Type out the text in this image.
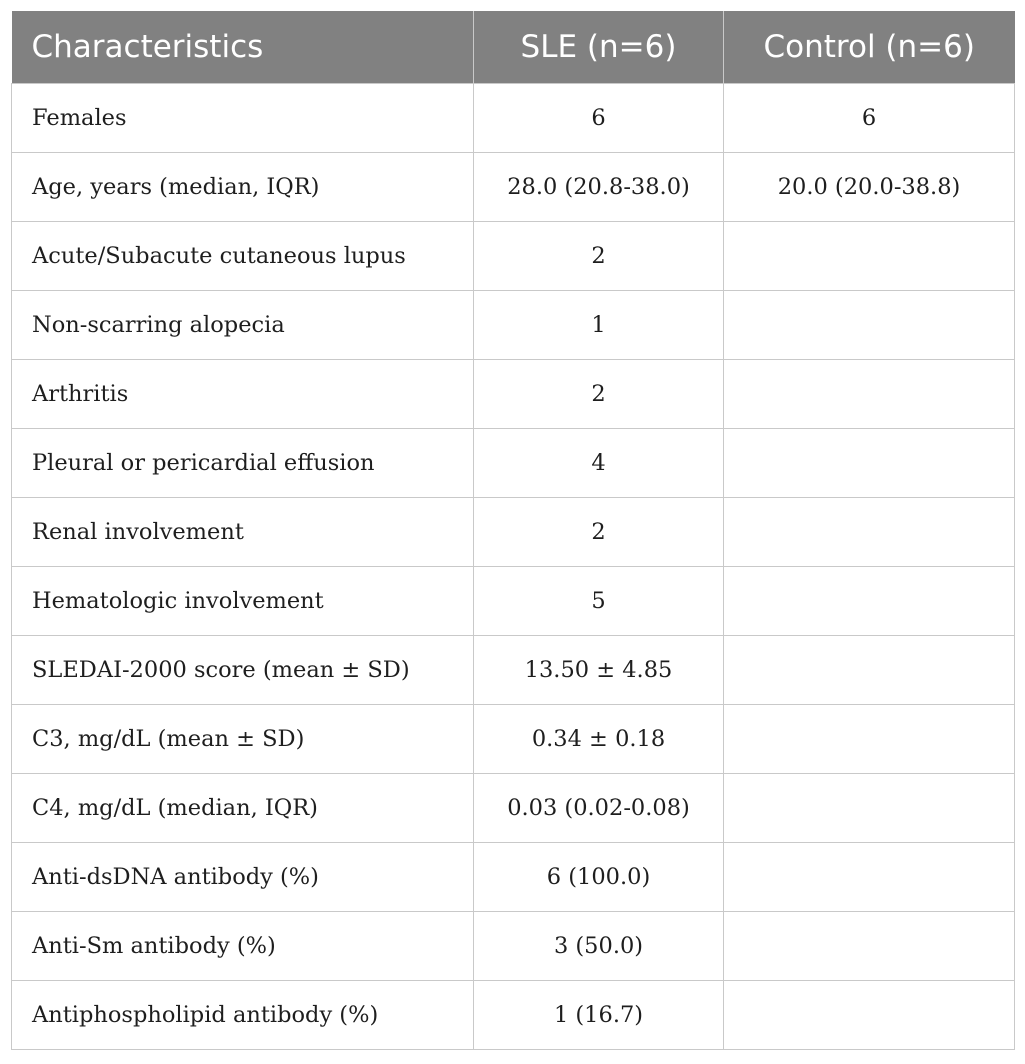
Characteristics	SLE (n=6)	Control (n=6)
Females	6	6
Age, years (median, IQR)	28.0 (20.8-38.0)	20.0 (20.0-38.8)
Acute/Subacute cutaneous lupus	2	
Non-scarring alopecia	1	
Arthritis	2	
Pleural or pericardial effusion	4	
Renal involvement	2	
Hematologic involvement	5	
SLEDAI-2000 score (mean ± SD)	13.50 ± 4.85	
C3, mg/dL (mean ± SD)	0.34 ± 0.18	
C4, mg/dL (median, IQR)	0.03 (0.02-0.08)	
Anti-dsDNA antibody (%)	6 (100.0)	
Anti-Sm antibody (%)	3 (50.0)	
Antiphospholipid antibody (%)	1 (16.7)	
